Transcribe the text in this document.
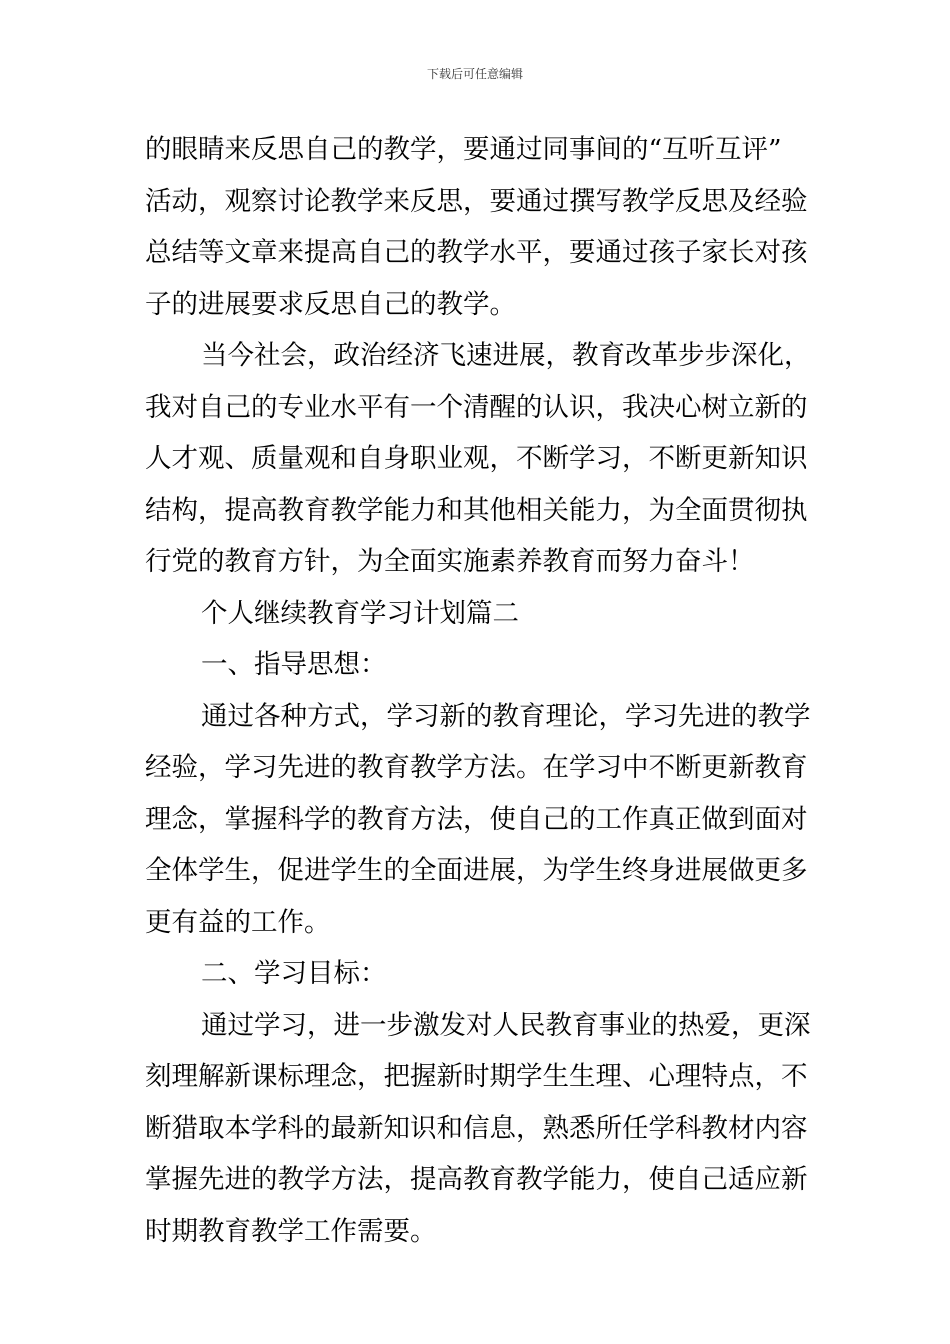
下载后可任意编辑

的眼睛来反思自己的教学，要通过同事间的“互听互评”
活动，观察讨论教学来反思，要通过撰写教学反思及经验
总结等文章来提高自己的教学水平，要通过孩子家长对孩
子的进展要求反思自己的教学。

当今社会，政治经济飞速进展，教育改革步步深化，
我对自己的专业水平有一个清醒的认识，我决心树立新的
人才观、质量观和自身职业观，不断学习，不断更新知识
结构，提高教育教学能力和其他相关能力，为全面贯彻执
行党的教育方针，为全面实施素养教育而努力奋斗！

个人继续教育学习计划篇二

一、指导思想：

通过各种方式，学习新的教育理论，学习先进的教学
经验，学习先进的教育教学方法。在学习中不断更新教育
理念，掌握科学的教育方法，使自己的工作真正做到面对
全体学生，促进学生的全面进展，为学生终身进展做更多
更有益的工作。

二、学习目标：

通过学习，进一步激发对人民教育事业的热爱，更深
刻理解新课标理念，把握新时期学生生理、心理特点，不
断猎取本学科的最新知识和信息，熟悉所任学科教材内容
掌握先进的教学方法，提高教育教学能力，使自己适应新
时期教育教学工作需要。
